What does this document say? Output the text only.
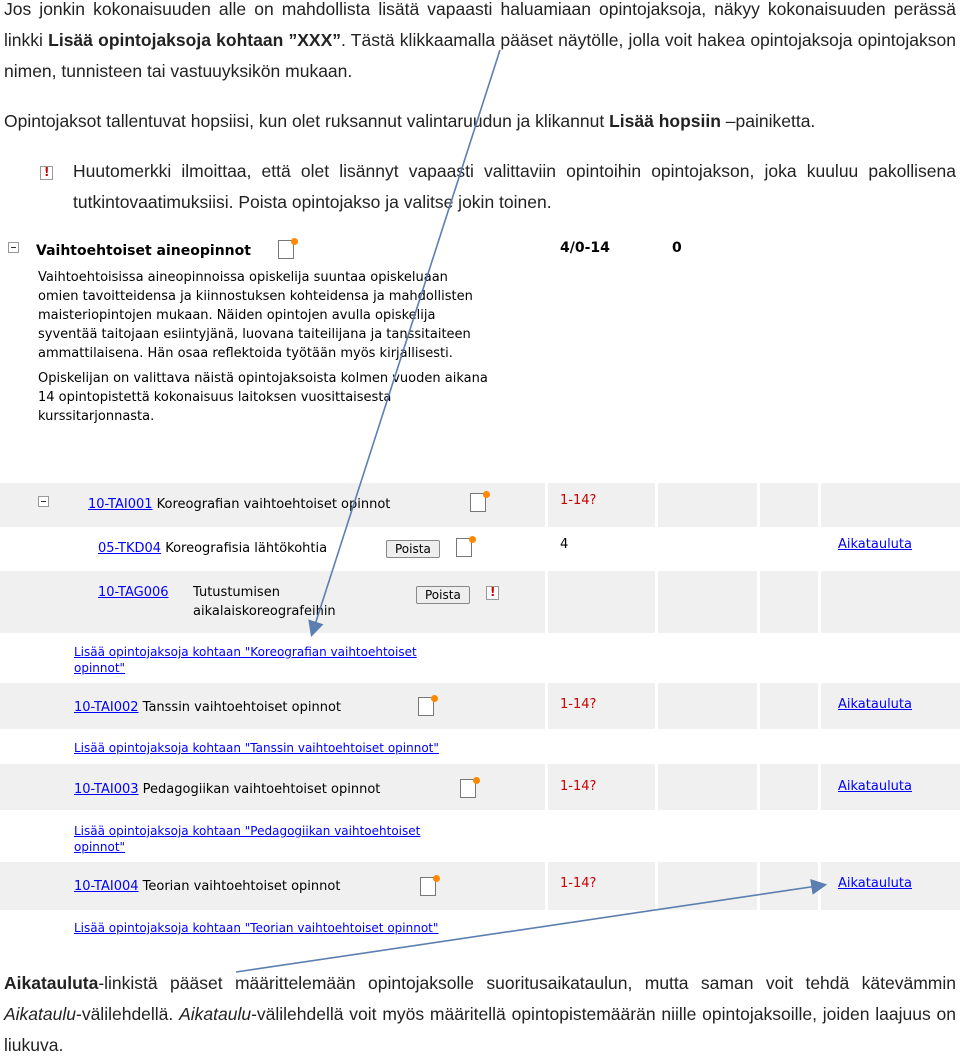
Jos jonkin kokonaisuuden alle on mahdollista lisätä vapaasti haluamiaan opintojaksoja, näkyy kokonaisuuden perässä linkki Lisää opintojaksoja kohtaan ”XXX”. Tästä klikkaamalla pääset näytölle, jolla voit hakea opintojaksoja opintojakson nimen, tunnisteen tai vastuuyksikön mukaan.
Opintojaksot tallentuvat hopsiisi, kun olet ruksannut valintaruudun ja klikannut Lisää hopsiin –painiketta.
!
Huutomerkki ilmoittaa, että olet lisännyt vapaasti valittaviin opintoihin opintojakson, joka kuuluu pakollisena tutkintovaatimuksiisi. Poista opintojakso ja valitse jokin toinen.
Vaihtoehtoiset aineopinnot	4/0-14	0
Vaihtoehtoisissa aineopinnoissa opiskelija suuntaa opiskeluaan omien tavoitteidensa ja kiinnostuksen kohteidensa ja mahdollisten maisteriopintojen mukaan. Näiden opintojen avulla opiskelija syventää taitojaan esiintyjänä, luovana taiteilijana ja tanssitaiteen ammattilaisena. Hän osaa reflektoida työtään myös kirjallisesti.
Opiskelijan on valittava näistä opintojaksoista kolmen vuoden aikana 14 opintopistettä kokonaisuus laitoksen vuosittaisesta kurssitarjonnasta.
10-TAI001 Koreografian vaihtoehtoiset opinnot	1-14?
05-TKD04 Koreografisia lähtökohtia	Poista	4	Aikatauluta
10-TAG006 Tutustumisen
aikalaiskoreografeihin
Poista
!
Lisää opintojaksoja kohtaan "Koreografian vaihtoehtoiset
opinnot"
10-TAI002 Tanssin vaihtoehtoiset opinnot	1-14?	Aikatauluta
Lisää opintojaksoja kohtaan "Tanssin vaihtoehtoiset opinnot"
10-TAI003 Pedagogiikan vaihtoehtoiset opinnot	1-14?	Aikatauluta
Lisää opintojaksoja kohtaan "Pedagogiikan vaihtoehtoiset
opinnot"
10-TAI004 Teorian vaihtoehtoiset opinnot	1-14?	Aikatauluta
Lisää opintojaksoja kohtaan "Teorian vaihtoehtoiset opinnot"
Aikatauluta-linkistä pääset määrittelemään opintojaksolle suoritusaikataulun, mutta saman voit tehdä kätevämmin Aikataulu-välilehdellä. Aikataulu-välilehdellä voit myös määritellä opintopistemäärän niille opintojaksoille, joiden laajuus on liukuva.
